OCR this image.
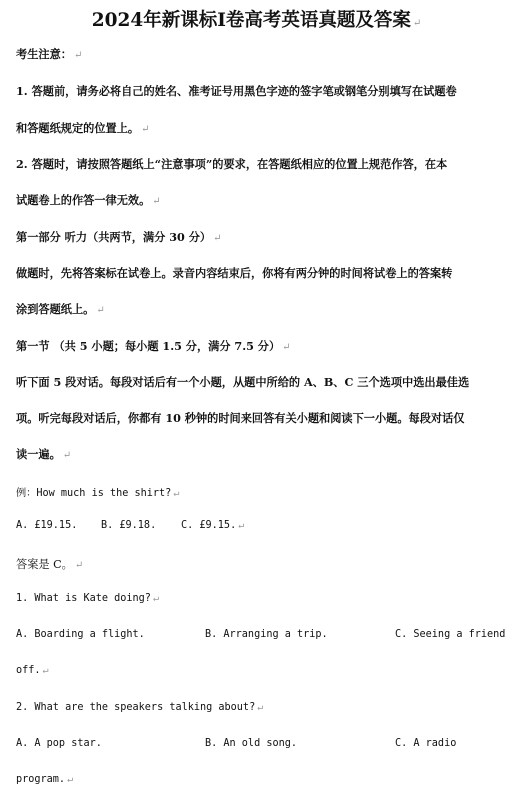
2024年新课标Ⅰ卷高考英语真题及答案 ↵
考生注意： ↵
1. 答题前，请务必将自己的姓名、准考证号用黑色字迹的签字笔或钢笔分别填写在试题卷
和答题纸规定的位置上。 ↵
2. 答题时，请按照答题纸上“注意事项”的要求，在答题纸相应的位置上规范作答，在本
试题卷上的作答一律无效。 ↵
第一部分 听力（共两节，满分 30 分） ↵
做题时，先将答案标在试卷上。录音内容结束后，你将有两分钟的时间将试卷上的答案转
涂到答题纸上。 ↵
第一节 （共 5 小题；每小题 1.5 分，满分 7.5 分） ↵
听下面 5 段对话。每段对话后有一个小题，从题中所给的 A、B、C 三个选项中选出最佳选
项。听完每段对话后，你都有 10 秒钟的时间来回答有关小题和阅读下一小题。每段对话仅
读一遍。 ↵
例：How much is the shirt? ↵
A. £19.15. B. £9.18. C. £9.15. ↵
答案是 C。 ↵
1. What is Kate doing? ↵
A. Boarding a flight.	B. Arranging a trip.	C. Seeing a friend
off. ↵
2. What are the speakers talking about? ↵
A. A pop star.	B. An old song.	C. A radio
program. ↵
